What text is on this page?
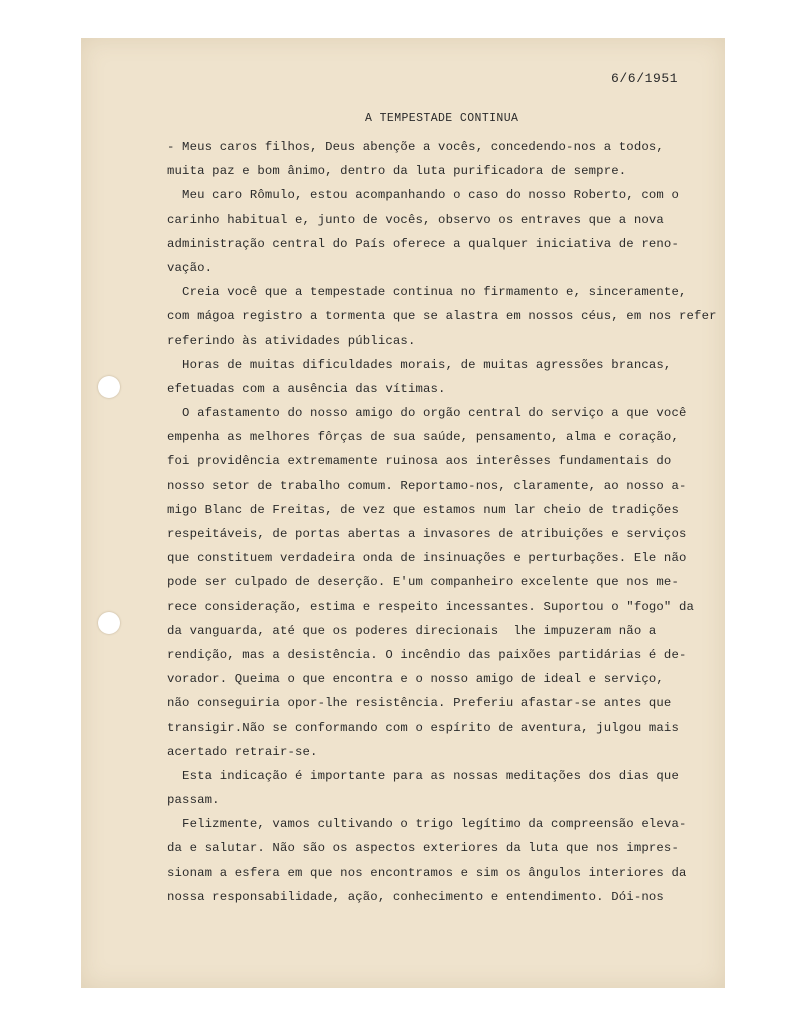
6/6/1951
A TEMPESTADE CONTINUA
- Meus caros filhos, Deus abençõe a vocês, concedendo-nos a todos,
muita paz e bom ânimo, dentro da luta purificadora de sempre.
Meu caro Rômulo, estou acompanhando o caso do nosso Roberto, com o
carinho habitual e, junto de vocês, observo os entraves que a nova
administração central do País oferece a qualquer iniciativa de reno-
vação.
Creia você que a tempestade continua no firmamento e, sinceramente,
com mágoa registro a tormenta que se alastra em nossos céus, em nos refer
referindo às atividades públicas.
Horas de muitas dificuldades morais, de muitas agressões brancas,
efetuadas com a ausência das vítimas.
O afastamento do nosso amigo do orgão central do serviço a que você
empenha as melhores fôrças de sua saúde, pensamento, alma e coração,
foi providência extremamente ruinosa aos interêsses fundamentais do
nosso setor de trabalho comum. Reportamo-nos, claramente, ao nosso a-
migo Blanc de Freitas, de vez que estamos num lar cheio de tradições
respeitáveis, de portas abertas a invasores de atribuições e serviços
que constituem verdadeira onda de insinuações e perturbações. Ele não
pode ser culpado de deserção. E'um companheiro excelente que nos me-
rece consideração, estima e respeito incessantes. Suportou o "fogo" da
da vanguarda, até que os poderes direcionais  lhe impuzeram não a
rendição, mas a desistência. O incêndio das paixões partidárias é de-
vorador. Queima o que encontra e o nosso amigo de ideal e serviço,
não conseguiria opor-lhe resistência. Preferiu afastar-se antes que
transigir.Não se conformando com o espírito de aventura, julgou mais
acertado retrair-se.
Esta indicação é importante para as nossas meditações dos dias que
passam.
Felizmente, vamos cultivando o trigo legítimo da compreensão eleva-
da e salutar. Não são os aspectos exteriores da luta que nos impres-
sionam a esfera em que nos encontramos e sim os ângulos interiores da
nossa responsabilidade, ação, conhecimento e entendimento. Dói-nos
